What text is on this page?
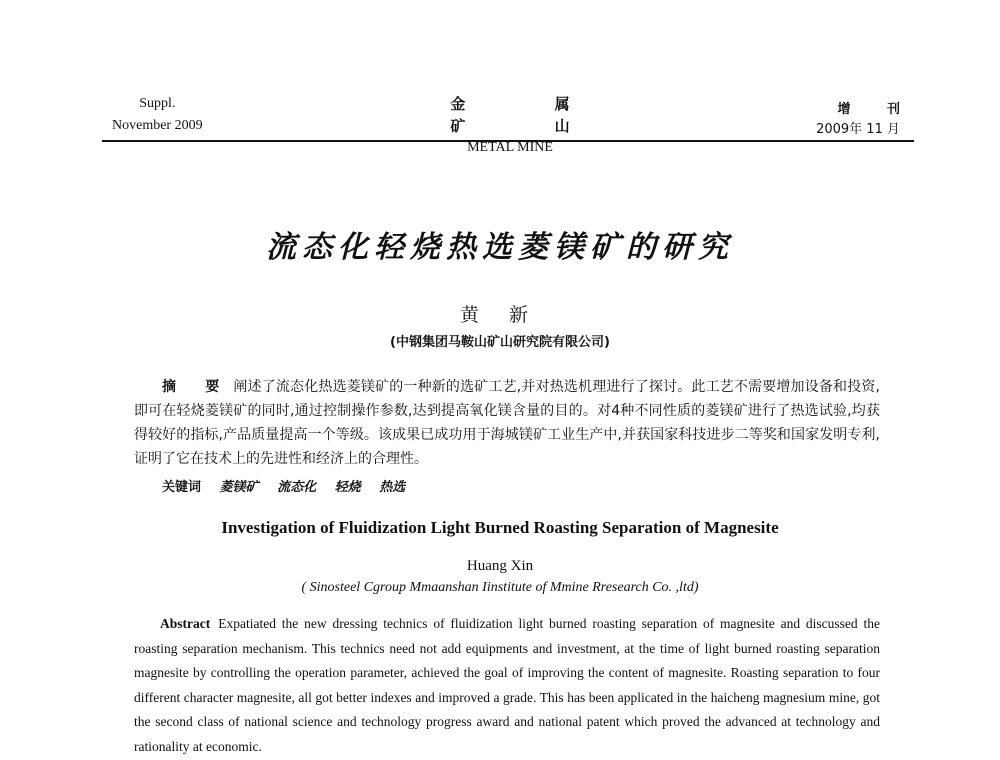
Suppl.
November 2009
金 属 矿 山
METAL MINE
增 刊
2009年 11 月
流态化轻烧热选菱镁矿的研究
黄 新
(中钢集团马鞍山矿山研究院有限公司)
摘 要 阐述了流态化热选菱镁矿的一种新的选矿工艺,并对热选机理进行了探讨。此工艺不需要增加设备和投资,即可在轻烧菱镁矿的同时,通过控制操作参数,达到提高氧化镁含量的目的。对4种不同性质的菱镁矿进行了热选试验,均获得较好的指标,产品质量提高一个等级。该成果已成功用于海城镁矿工业生产中,并获国家科技进步二等奖和国家发明专利,证明了它在技术上的先进性和经济上的合理性。
关键词 菱镁矿 流态化 轻烧 热选
Investigation of Fluidization Light Burned Roasting Separation of Magnesite
Huang Xin
( Sinosteel Cgroup Mmaanshan Iinstitute of Mmine Rresearch Co. ,ltd)
Abstract Expatiated the new dressing technics of fluidization light burned roasting separation of magnesite and discussed the roasting separation mechanism. This technics need not add equipments and investment, at the time of light burned roasting separation magnesite by controlling the operation parameter, achieved the goal of improving the content of magnesite. Roasting separation to four different character magnesite, all got better indexes and improved a grade. This has been applicated in the haicheng magnesium mine, got the second class of national science and technology progress award and national patent which proved the advanced at technology and rationality at economic.
